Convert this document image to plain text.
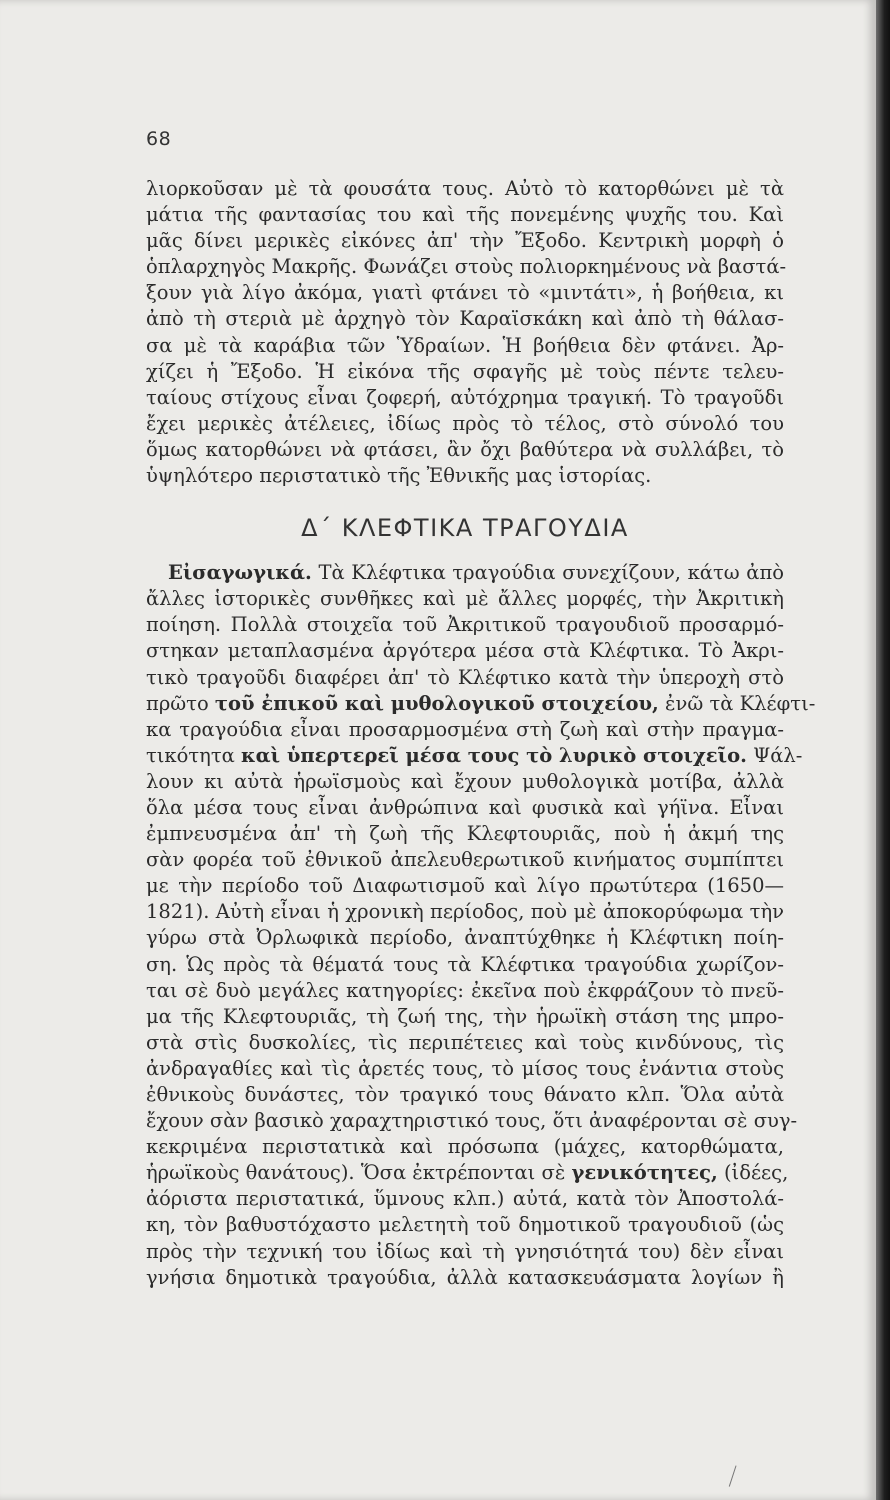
68
λιορκοῦσαν μὲ τὰ φουσάτα τους. Αὐτὸ τὸ κατορθώνει μὲ τὰ
μάτια τῆς φαντασίας του καὶ τῆς πονεμένης ψυχῆς του. Καὶ
μᾶς δίνει μερικὲς εἰκόνες ἀπ' τὴν Ἔξοδο. Κεντρικὴ μορφὴ ὁ
ὁπλαρχηγὸς Μακρῆς. Φωνάζει στοὺς πολιορκημένους νὰ βαστά-
ξουν γιὰ λίγο ἀκόμα, γιατὶ φτάνει τὸ «μιντάτι», ἡ βοήθεια, κι
ἀπὸ τὴ στεριὰ μὲ ἀρχηγὸ τὸν Καραϊσκάκη καὶ ἀπὸ τὴ θάλασ-
σα μὲ τὰ καράβια τῶν Ὑδραίων. Ἡ βοήθεια δὲν φτάνει. Ἀρ-
χίζει ἡ Ἔξοδο. Ἡ εἰκόνα τῆς σφαγῆς μὲ τοὺς πέντε τελευ-
ταίους στίχους εἶναι ζοφερή, αὐτόχρημα τραγική. Τὸ τραγοῦδι
ἔχει μερικὲς ἀτέλειες, ἰδίως πρὸς τὸ τέλος, στὸ σύνολό του
ὅμως κατορθώνει νὰ φτάσει, ἂν ὄχι βαθύτερα νὰ συλλάβει, τὸ
ὑψηλότερο περιστατικὸ τῆς Ἐθνικῆς μας ἱστορίας.
Δ΄ ΚΛΕΦΤΙΚΑ ΤΡΑΓΟΥΔΙΑ
Εἰσαγωγικά. Τὰ Κλέφτικα τραγούδια συνεχίζουν, κάτω ἀπὸ
ἄλλες ἱστορικὲς συνθῆκες καὶ μὲ ἄλλες μορφές, τὴν Ἀκριτικὴ
ποίηση. Πολλὰ στοιχεῖα τοῦ Ἀκριτικοῦ τραγουδιοῦ προσαρμό-
στηκαν μεταπλασμένα ἀργότερα μέσα στὰ Κλέφτικα. Τὸ Ἀκρι-
τικὸ τραγοῦδι διαφέρει ἀπ' τὸ Κλέφτικο κατὰ τὴν ὑπεροχὴ στὸ
πρῶτο τοῦ ἐπικοῦ καὶ μυθολογικοῦ στοιχείου, ἐνῶ τὰ Κλέφτι-
κα τραγούδια εἶναι προσαρμοσμένα στὴ ζωὴ καὶ στὴν πραγμα-
τικότητα καὶ ὑπερτερεῖ μέσα τους τὸ λυρικὸ στοιχεῖο. Ψάλ-
λουν κι αὐτὰ ἡρωϊσμοὺς καὶ ἔχουν μυθολογικὰ μοτίβα, ἀλλὰ
ὅλα μέσα τους εἶναι ἀνθρώπινα καὶ φυσικὰ καὶ γήϊνα. Εἶναι
ἐμπνευσμένα ἀπ' τὴ ζωὴ τῆς Κλεφτουριᾶς, ποὺ ἡ ἀκμή της
σὰν φορέα τοῦ ἐθνικοῦ ἀπελευθερωτικοῦ κινήματος συμπίπτει
με τὴν περίοδο τοῦ Διαφωτισμοῦ καὶ λίγο πρωτύτερα (1650—
1821). Αὐτὴ εἶναι ἡ χρονικὴ περίοδος, ποὺ μὲ ἀποκορύφωμα τὴν
γύρω στὰ Ὀρλωφικὰ περίοδο, ἀναπτύχθηκε ἡ Κλέφτικη ποίη-
ση. Ὡς πρὸς τὰ θέματά τους τὰ Κλέφτικα τραγούδια χωρίζον-
ται σὲ δυὸ μεγάλες κατηγορίες: ἐκεῖνα ποὺ ἐκφράζουν τὸ πνεῦ-
μα τῆς Κλεφτουριᾶς, τὴ ζωή της, τὴν ἡρωϊκὴ στάση της μπρο-
στὰ στὶς δυσκολίες, τὶς περιπέτειες καὶ τοὺς κινδύνους, τὶς
ἀνδραγαθίες καὶ τὶς ἀρετές τους, τὸ μίσος τους ἐνάντια στοὺς
ἐθνικοὺς δυνάστες, τὸν τραγικό τους θάνατο κλπ. Ὅλα αὐτὰ
ἔχουν σὰν βασικὸ χαραχτηριστικό τους, ὅτι ἀναφέρονται σὲ συγ-
κεκριμένα περιστατικὰ καὶ πρόσωπα (μάχες, κατορθώματα,
ἡρωϊκοὺς θανάτους). Ὅσα ἐκτρέπονται σὲ γενικότητες, (ἰδέες,
ἀόριστα περιστατικά, ὕμνους κλπ.) αὐτά, κατὰ τὸν Ἀποστολά-
κη, τὸν βαθυστόχαστο μελετητὴ τοῦ δημοτικοῦ τραγουδιοῦ (ὡς
πρὸς τὴν τεχνική του ἰδίως καὶ τὴ γνησιότητά του) δὲν εἶναι
γνήσια δημοτικὰ τραγούδια, ἀλλὰ κατασκευάσματα λογίων ἢ
